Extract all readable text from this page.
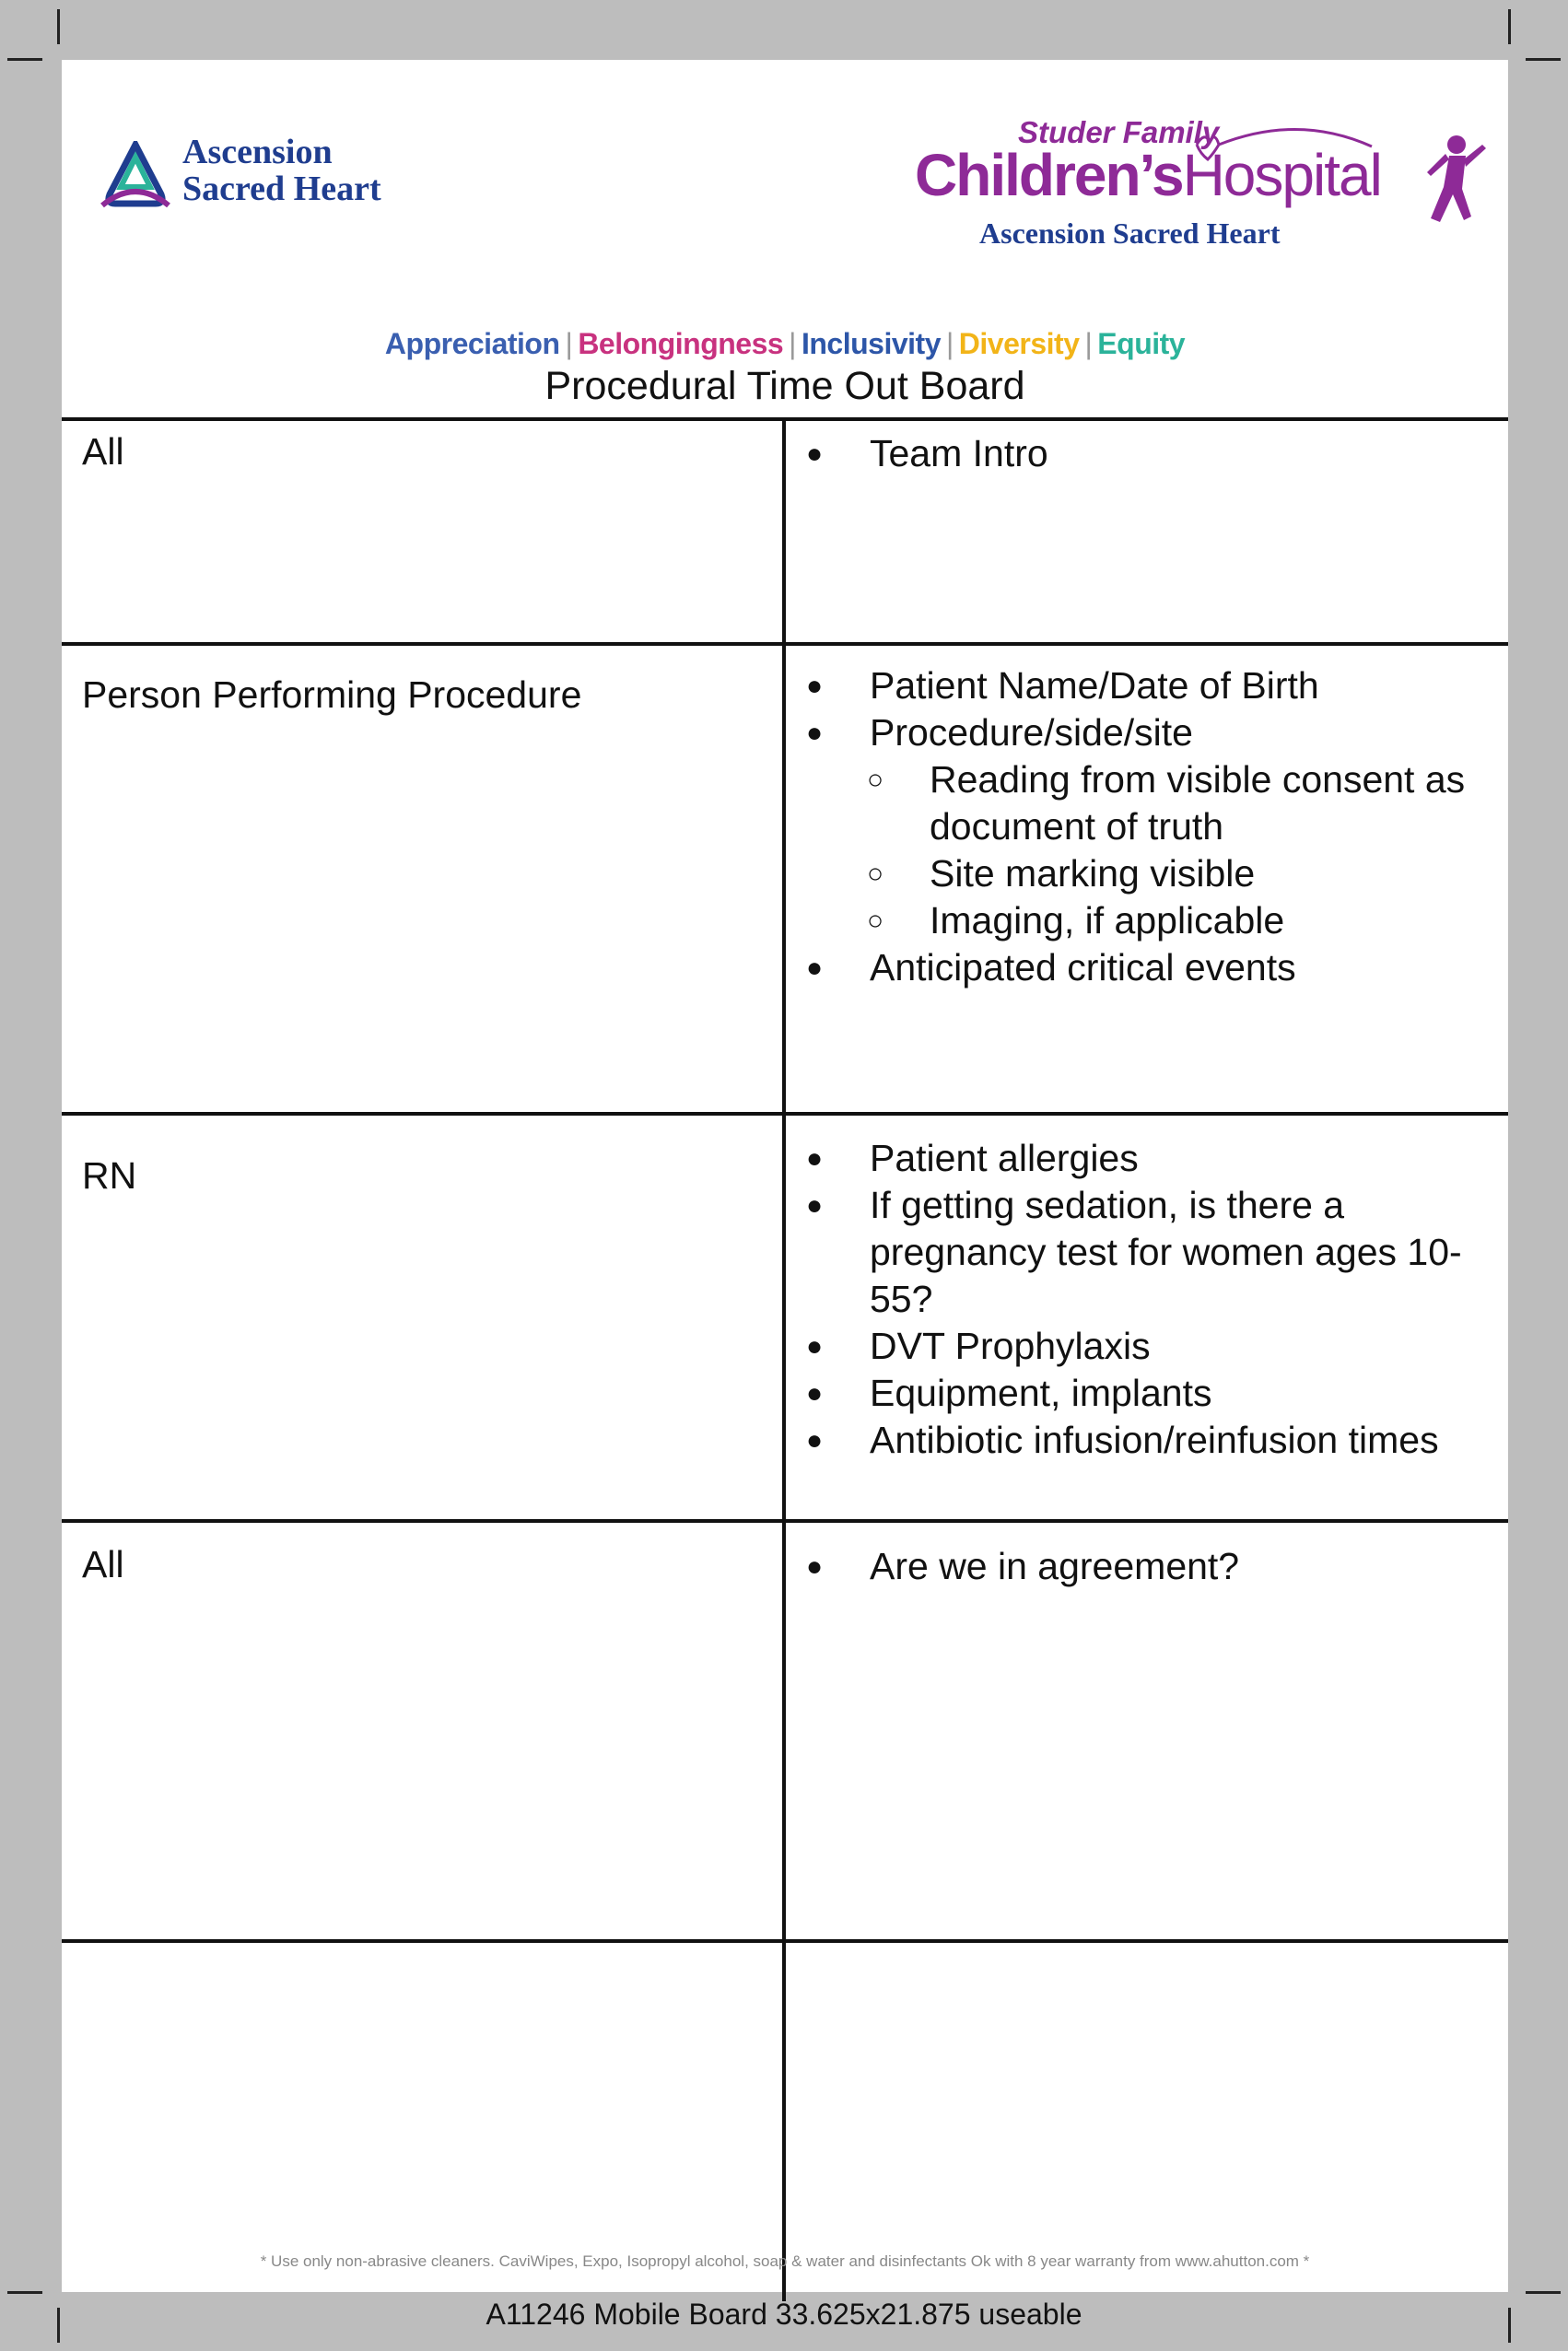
Ascension
Sacred Heart
Studer Family
Children’sHospital
Ascension Sacred Heart
Appreciation | Belongingness | Inclusivity | Diversity | Equity
Procedural Time Out Board
All	● Team Intro
Person Performing Procedure	● Patient Name/Date of Birth
● Procedure/side/site
○ Reading from visible consent as document of truth
○ Site marking visible
○ Imaging, if applicable
● Anticipated critical events
RN	● Patient allergies
● If getting sedation, is there a pregnancy test for women ages 10-55?
● DVT Prophylaxis
● Equipment, implants
● Antibiotic infusion/reinfusion times
All	● Are we in agreement?
* Use only non-abrasive cleaners. CaviWipes, Expo, Isopropyl alcohol, soap & water and disinfectants Ok with 8 year warranty from www.ahutton.com *
A11246 Mobile Board 33.625x21.875 useable
